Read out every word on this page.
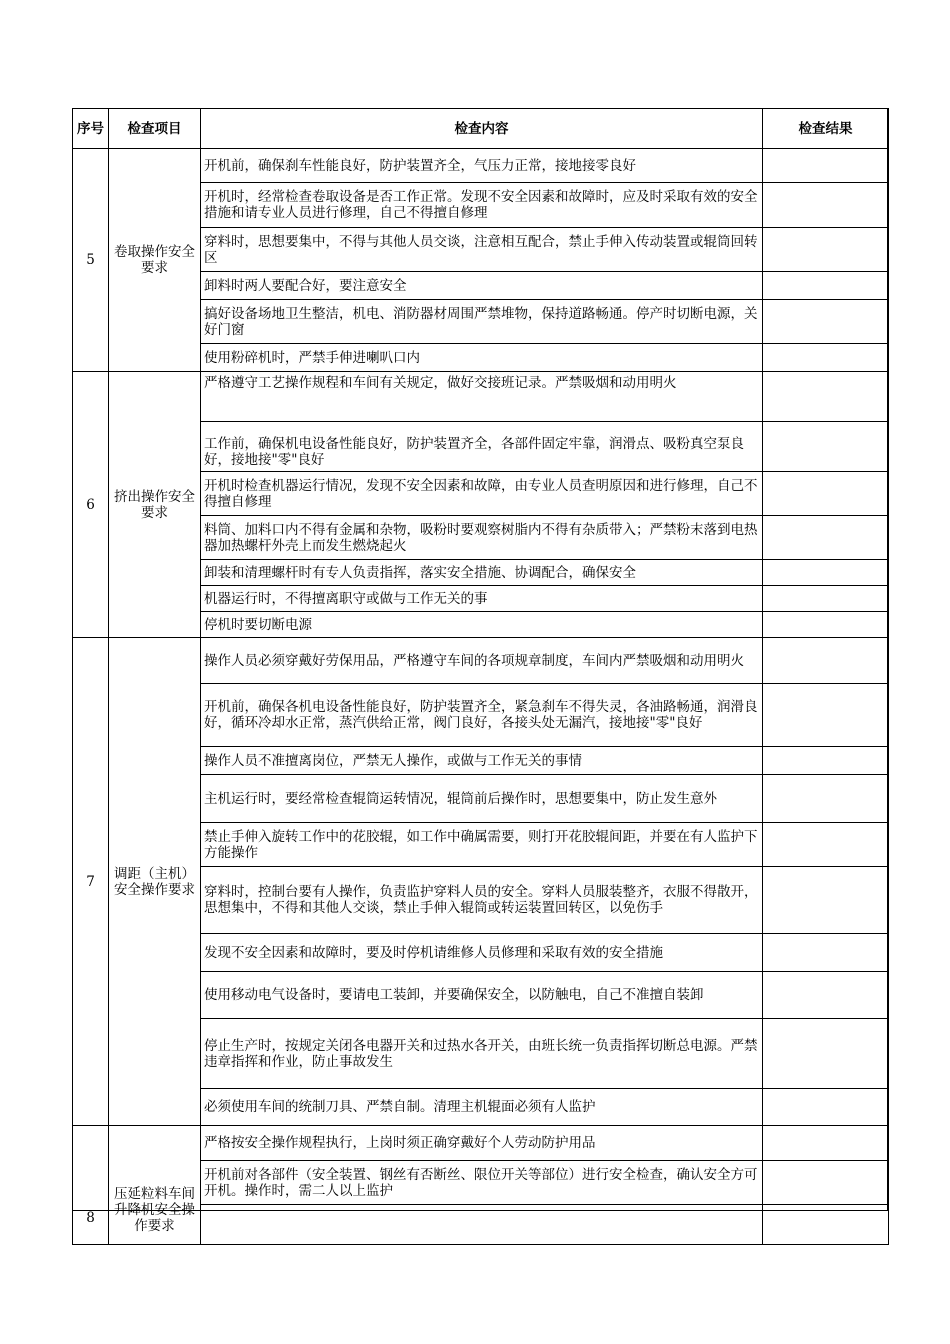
序号	检查项目	检查内容	检查结果
5	卷取操作安全要求	开机前，确保刹车性能良好，防护装置齐全，气压力正常，接地接零良好	
		开机时，经常检查卷取设备是否工作正常。发现不安全因素和故障时，应及时采取有效的安全措施和请专业人员进行修理，自己不得擅自修理	
		穿料时，思想要集中，不得与其他人员交谈，注意相互配合，禁止手伸入传动装置或辊筒回转区	
		卸料时两人要配合好，要注意安全	
		搞好设备场地卫生整洁，机电、消防器材周围严禁堆物，保持道路畅通。停产时切断电源，关好门窗	
		使用粉碎机时，严禁手伸进喇叭口内	
6	挤出操作安全要求	严格遵守工艺操作规程和车间有关规定，做好交接班记录。严禁吸烟和动用明火	
		工作前，确保机电设备性能良好，防护装置齐全，各部件固定牢靠，润滑点、吸粉真空泵良好，接地接"零"良好	
		开机时检查机器运行情况，发现不安全因素和故障，由专业人员查明原因和进行修理，自己不得擅自修理	
		料筒、加料口内不得有金属和杂物，吸粉时要观察树脂内不得有杂质带入；严禁粉末落到电热器加热螺杆外壳上而发生燃烧起火	
		卸装和清理螺杆时有专人负责指挥，落实安全措施、协调配合，确保安全	
		机器运行时，不得擅离职守或做与工作无关的事	
		停机时要切断电源	
7	调距（主机）安全操作要求	操作人员必须穿戴好劳保用品，严格遵守车间的各项规章制度，车间内严禁吸烟和动用明火	
		开机前，确保各机电设备性能良好，防护装置齐全，紧急刹车不得失灵，各油路畅通，润滑良好，循环冷却水正常，蒸汽供给正常，阀门良好，各接头处无漏汽，接地接"零"良好	
		操作人员不准擅离岗位，严禁无人操作，或做与工作无关的事情	
		主机运行时，要经常检查辊筒运转情况，辊筒前后操作时，思想要集中，防止发生意外	
		禁止手伸入旋转工作中的花胶辊，如工作中确属需要，则打开花胶辊间距，并要在有人监护下方能操作	
		穿料时，控制台要有人操作，负责监护穿料人员的安全。穿料人员服装整齐，衣服不得散开，思想集中，不得和其他人交谈，禁止手伸入辊筒或转运装置回转区，以免伤手	
		发现不安全因素和故障时，要及时停机请维修人员修理和采取有效的安全措施	
		使用移动电气设备时，要请电工装卸，并要确保安全，以防触电，自己不准擅自装卸	
		停止生产时，按规定关闭各电器开关和过热水各开关，由班长统一负责指挥切断总电源。严禁违章指挥和作业，防止事故发生	
		必须使用车间的统制刀具、严禁自制。清理主机辊面必须有人监护	
8	压延粒料车间升降机安全操作要求	严格按安全操作规程执行，上岗时须正确穿戴好个人劳动防护用品	
		开机前对各部件（安全装置、钢丝有否断丝、限位开关等部位）进行安全检查，确认安全方可开机。操作时，需二人以上监护	
